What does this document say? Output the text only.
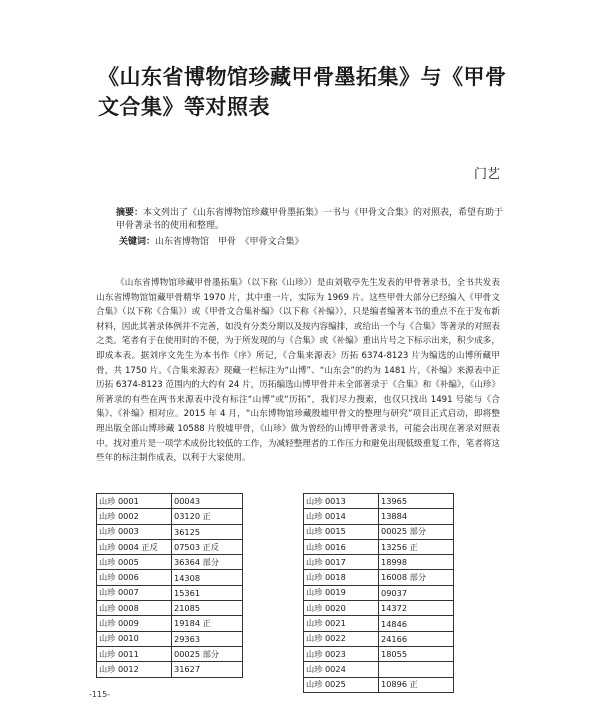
《山东省博物馆珍藏甲骨墨拓集》与《甲骨文合集》等对照表
门艺
摘要：本文列出了《山东省博物馆珍藏甲骨墨拓集》一书与《甲骨文合集》的对照表，希望有助于甲骨著录书的使用和整理。
关键词：山东省博物馆　甲骨　《甲骨文合集》

《山东省博物馆珍藏甲骨墨拓集》（以下称《山珍》）是由刘敬亭先生发表的甲骨著录书，全书共发表山东省博物馆馆藏甲骨精华 1970 片，其中重一片，实际为 1969 片。这些甲骨大部分已经编入《甲骨文合集》（以下称《合集》）或《甲骨文合集补编》（以下称《补编》），只是编者编著本书的重点不在于发布新材料，因此其著录体例并不完善，如没有分类分期以及按内容编排，或给出一个与《合集》等著录的对照表之类。笔者有于在使用时的不便，为于所发现的与《合集》或《补编》重出片号之下标示出来，积少成多，即成本表。据刘序文先生为本书作《序》所记，《合集来源表》历拓 6374-8123 片为编选的山博所藏甲骨，共 1750 片。《合集来源表》现藏一栏标注为“山博”、“山东会”的约为 1481 片，《补编》来源表中正历拓 6374-8123 范围内的大约有 24 片，历拓编选山博甲骨并未全部著录于《合集》和《补编》，《山珍》所著录的有些在两书来源表中没有标注“山博”或“历拓”，我们尽力搜索，也仅只找出 1491 号能与《合集》、《补编》相对应。2015 年 4 月，“山东博物馆珍藏殷墟甲骨文的整理与研究”项目正式启动，即将整理出版全部山博珍藏 10588 片殷墟甲骨，《山珍》做为曾经的山博甲骨著录书，可能会出现在著录对照表中。找对重片是一项学术成份比较低的工作，为减轻整理者的工作压力和避免出现低级重复工作，笔者将这些年的标注制作成表，以利于大家使用。

山珍 0001	00043
山珍 0002	03120 正
山珍 0003	36125
山珍 0004 正反	07503 正反
山珍 0005	36364 部分
山珍 0006	14308
山珍 0007	15361
山珍 0008	21085
山珍 0009	19184 正
山珍 0010	29363
山珍 0011	00025 部分
山珍 0012	31627
山珍 0013	13965
山珍 0014	13884
山珍 0015	00025 部分
山珍 0016	13256 正
山珍 0017	18998
山珍 0018	16008 部分
山珍 0019	09037
山珍 0020	14372
山珍 0021	14846
山珍 0022	24166
山珍 0023	18055
山珍 0024	
山珍 0025	10896 正
-115-
